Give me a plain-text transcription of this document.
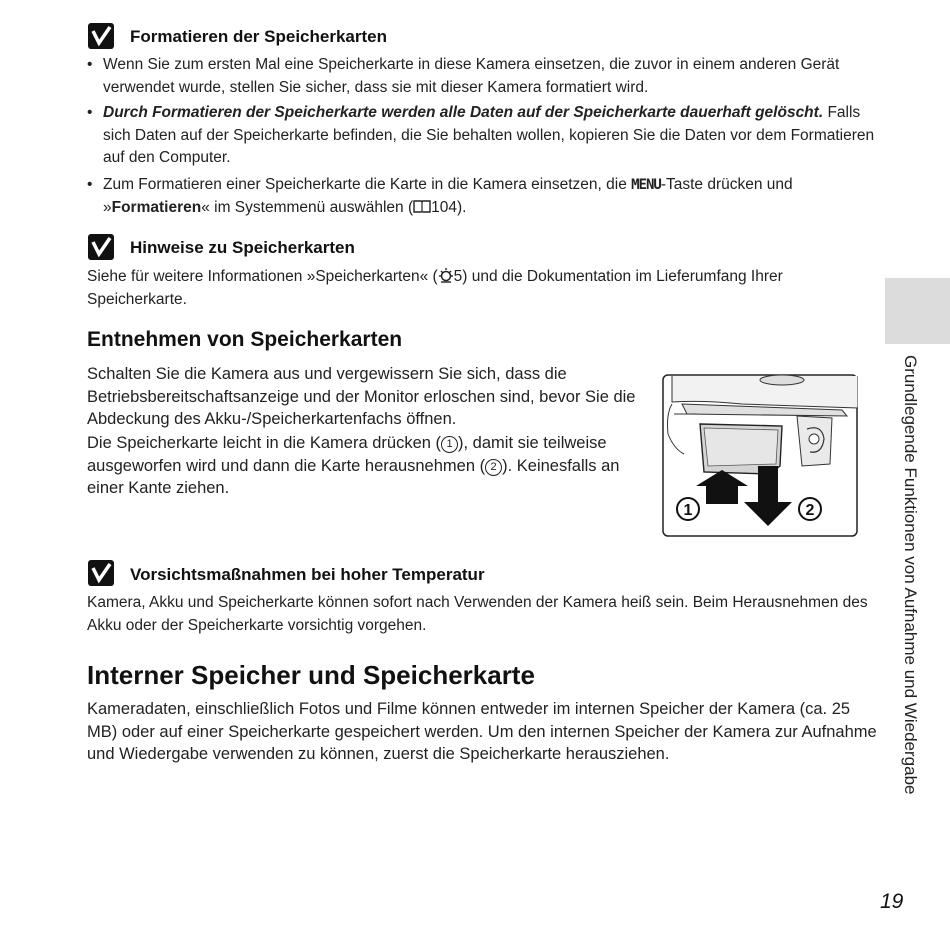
Formatieren der Speicherkarten
• Wenn Sie zum ersten Mal eine Speicherkarte in diese Kamera einsetzen, die zuvor in einem anderen Gerät verwendet wurde, stellen Sie sicher, dass sie mit dieser Kamera formatiert wird.
• Durch Formatieren der Speicherkarte werden alle Daten auf der Speicherkarte dauerhaft gelöscht. Falls sich Daten auf der Speicherkarte befinden, die Sie behalten wollen, kopieren Sie die Daten vor dem Formatieren auf den Computer.
• Zum Formatieren einer Speicherkarte die Karte in die Kamera einsetzen, die MENU-Taste drücken und »Formatieren« im Systemmenü auswählen ( 104).
Hinweise zu Speicherkarten
Siehe für weitere Informationen »Speicherkarten« ( 5) und die Dokumentation im Lieferumfang Ihrer Speicherkarte.
Entnehmen von Speicherkarten
Schalten Sie die Kamera aus und vergewissern Sie sich, dass die Betriebsbereitschaftsanzeige und der Monitor erloschen sind, bevor Sie die Abdeckung des Akku-/Speicherkartenfachs öffnen.
Die Speicherkarte leicht in die Kamera drücken ( 1 ), damit sie teilweise ausgeworfen wird und dann die Karte herausnehmen ( 2 ). Keinesfalls an einer Kante ziehen.
1	2
Vorsichtsmaßnahmen bei hoher Temperatur
Kamera, Akku und Speicherkarte können sofort nach Verwenden der Kamera heiß sein. Beim Herausnehmen des Akku oder der Speicherkarte vorsichtig vorgehen.
Interner Speicher und Speicherkarte
Kameradaten, einschließlich Fotos und Filme können entweder im internen Speicher der Kamera (ca. 25 MB) oder auf einer Speicherkarte gespeichert werden. Um den internen Speicher der Kamera zur Aufnahme und Wiedergabe verwenden zu können, zuerst die Speicherkarte herausziehen.	Grundlegende Funktionen von Aufnahme und Wiedergabe
19
